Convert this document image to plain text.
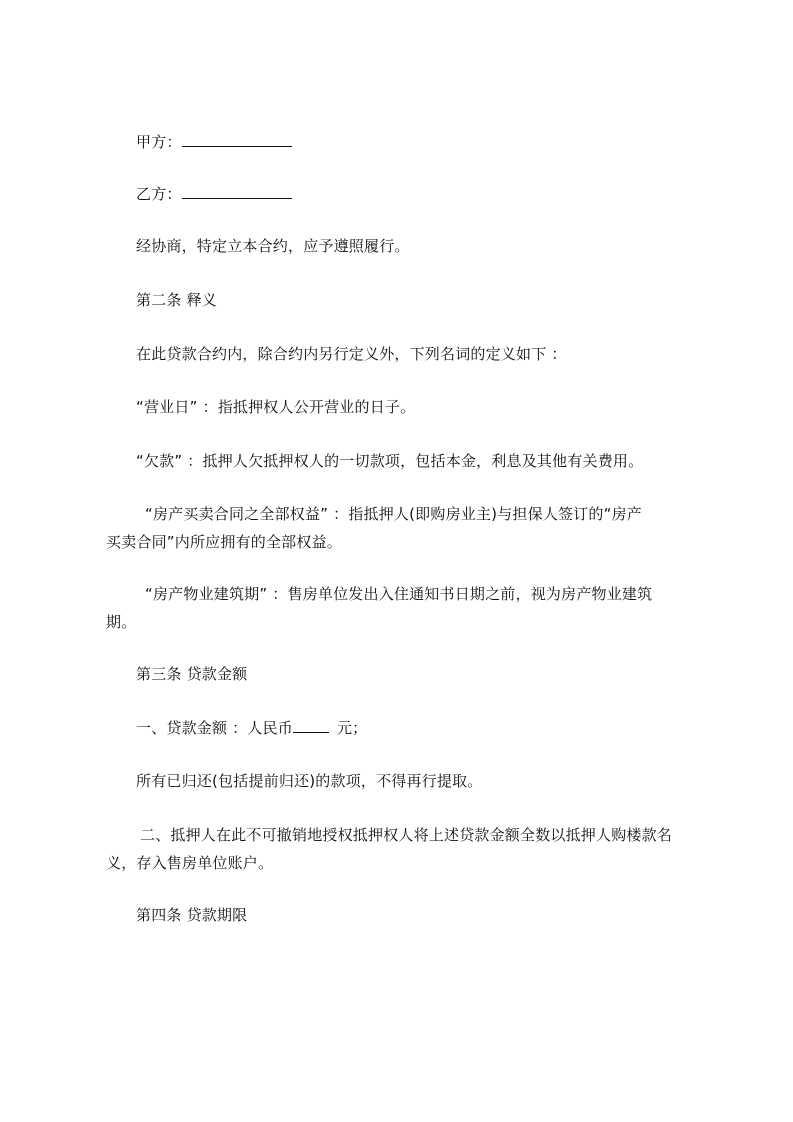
甲方：
乙方：
经协商，特定立本合约，应予遵照履行。
第二条 释义
在此贷款合约内，除合约内另行定义外，下列名词的定义如下 ：
“营业日” ：指抵押权人公开营业的日子。
“欠款” ：抵押人欠抵押权人的一切款项，包括本金，利息及其他有关费用。
“房产买卖合同之全部权益” ：指抵押人(即购房业主)与担保人签订的“房产
买卖合同”内所应拥有的全部权益。
“房产物业建筑期” ：售房单位发出入住通知书日期之前，视为房产物业建筑
期。
第三条 贷款金额
一、贷款金额 ：人民币	元；
所有已归还(包括提前归还)的款项，不得再行提取。
二、抵押人在此不可撤销地授权抵押权人将上述贷款金额全数以抵押人购楼款名
义，存入售房单位账户。
第四条 贷款期限
